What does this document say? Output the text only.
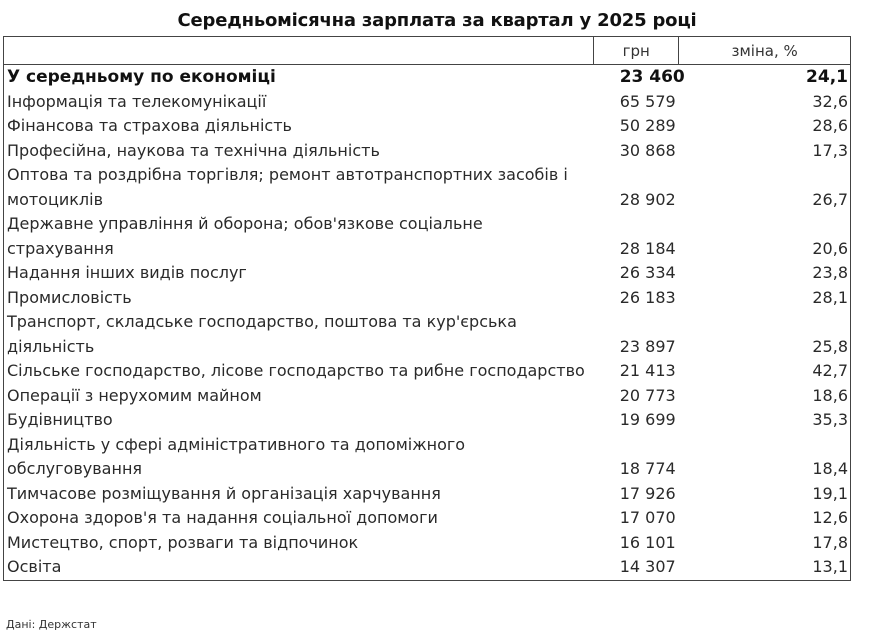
Середньомісячна зарплата за квартал у 2025 році
	грн	зміна, %
У середньому по економіці	23 460	24,1
Інформація та телекомунікації	65 579	32,6
Фінансова та страхова діяльність	50 289	28,6
Професійна, наукова та технічна діяльність	30 868	17,3
Оптова та роздрібна торгівля; ремонт автотранспортних засобів і мотоциклів	28 902	26,7
Державне управління й оборона; обов'язкове соціальне страхування	28 184	20,6
Надання інших видів послуг	26 334	23,8
Промисловість	26 183	28,1
Транспорт, складське господарство, поштова та кур'єрська діяльність	23 897	25,8
Сільське господарство, лісове господарство та рибне господарство	21 413	42,7
Операції з нерухомим майном	20 773	18,6
Будівництво	19 699	35,3
Діяльність у сфері адміністративного та допоміжного обслуговування	18 774	18,4
Тимчасове розміщування й організація харчування	17 926	19,1
Охорона здоров'я та надання соціальної допомоги	17 070	12,6
Мистецтво, спорт, розваги та відпочинок	16 101	17,8
Освіта	14 307	13,1
Дані: Держстат
